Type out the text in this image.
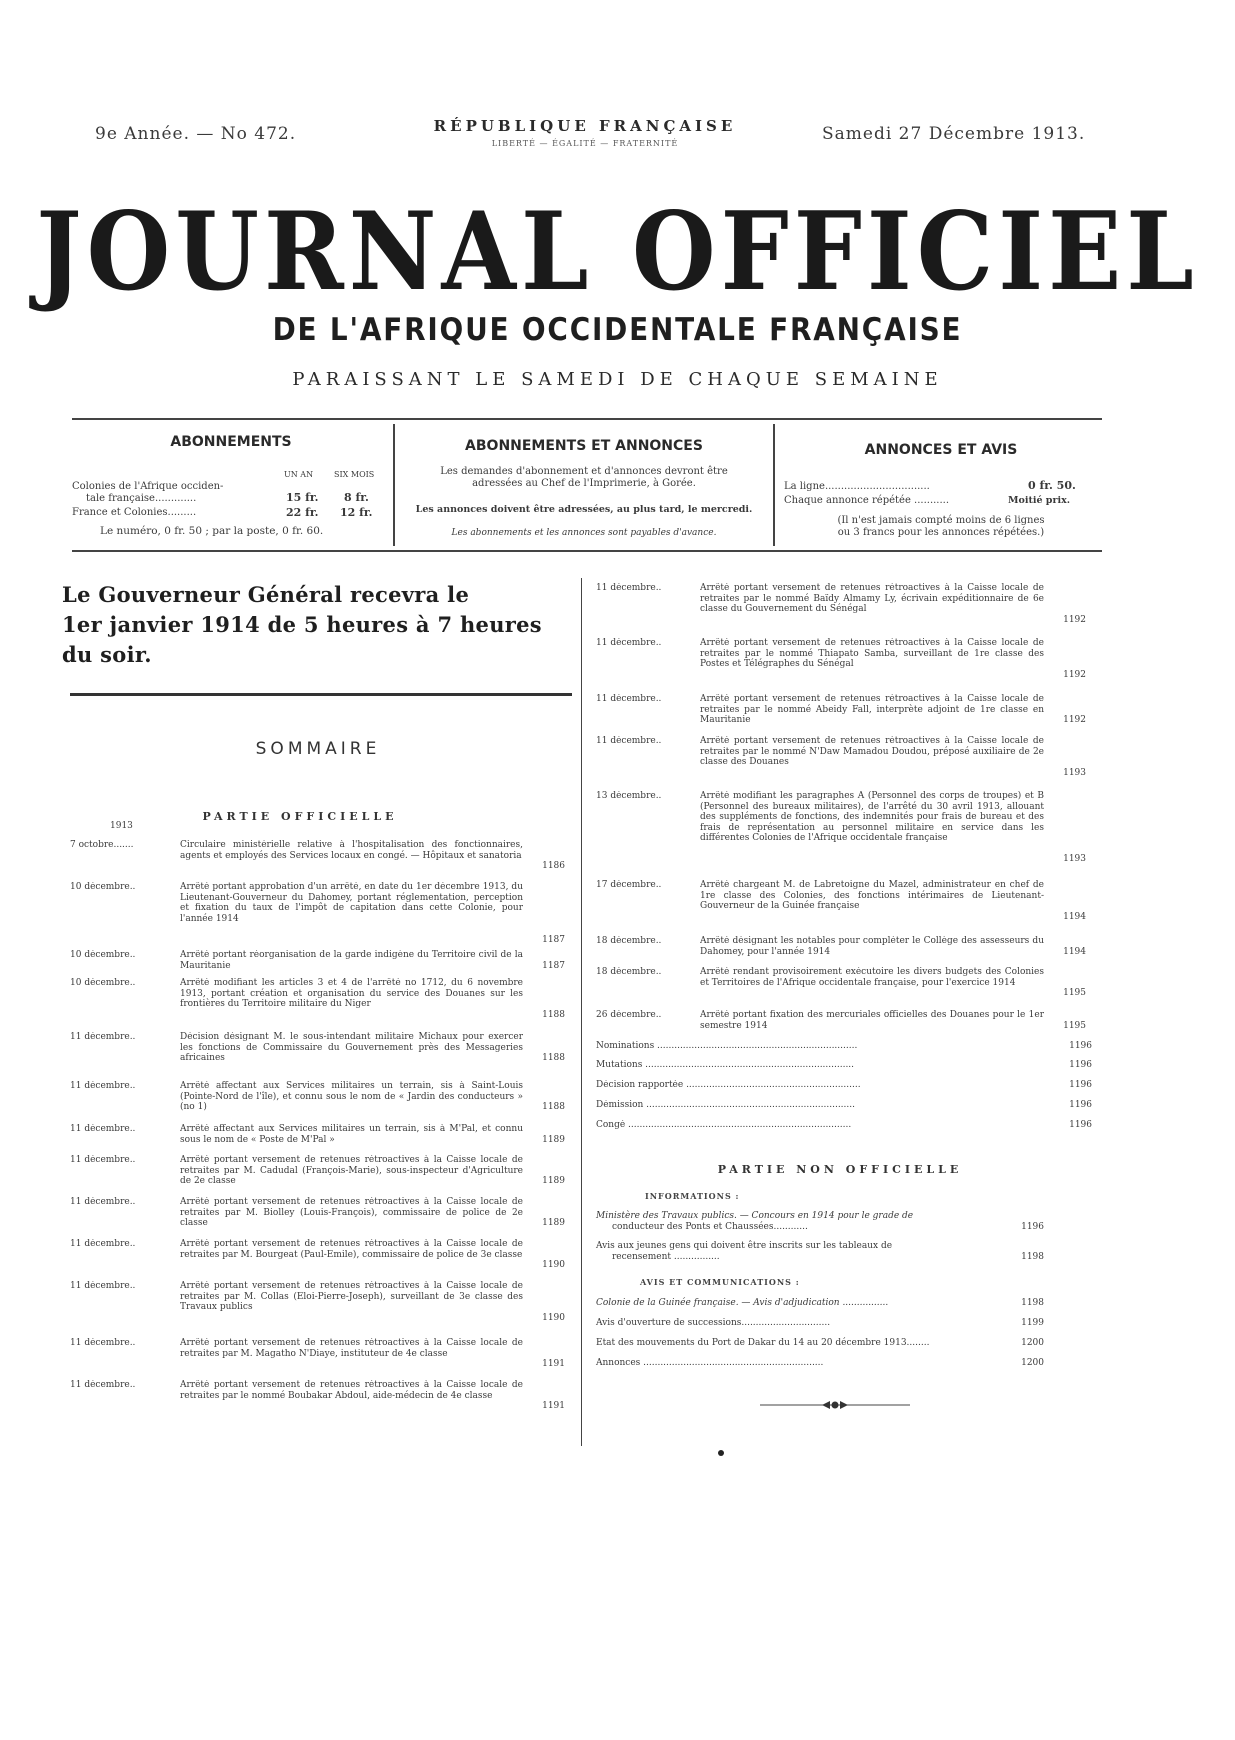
9e Année. — No 472.	RÉPUBLIQUE FRANÇAISE
LIBERTÉ — ÉGALITÉ — FRATERNITÉ	Samedi 27 Décembre 1913.
JOURNAL OFFICIEL
DE L'AFRIQUE OCCIDENTALE FRANÇAISE
PARAISSANT LE SAMEDI DE CHAQUE SEMAINE
ABONNEMENTS
UN AN	SIX MOIS
Colonies de l'Afrique occiden-
tale française.............	15 fr. 8 fr.
France et Colonies.........	22 fr. 12 fr.
Le numéro, 0 fr. 50 ; par la poste, 0 fr. 60.
ABONNEMENTS ET ANNONCES
Les demandes d'abonnement et d'annonces devront être
adressées au Chef de l'Imprimerie, à Gorée.
Les annonces doivent être adressées, au plus tard, le mercredi.
Les abonnements et les annonces sont payables d'avance.
ANNONCES ET AVIS
La ligne.................................	0 fr. 50.
Chaque annonce répétée ...........	Moitié prix.
(Il n'est jamais compté moins de 6 lignes
ou 3 francs pour les annonces répétées.)
Le Gouverneur Général recevra le
1er janvier 1914 de 5 heures à 7 heures
du soir.
SOMMAIRE
PARTIE OFFICIELLE
1913
7 octobre.......	Circulaire ministérielle relative à l'hospitalisation des fonctionnaires, agents et employés des Services locaux en congé. — Hôpitaux et sanatoria
1186
10 décembre..	Arrêté portant approbation d'un arrêté, en date du 1er décembre 1913, du Lieutenant-Gouverneur du Dahomey, portant réglementation, perception et fixation du taux de l'impôt de capitation dans cette Colonie, pour l'année 1914
1187
10 décembre..	Arrêté portant réorganisation de la garde indigène du Territoire civil de la Mauritanie	1187
10 décembre..	Arrêté modifiant les articles 3 et 4 de l'arrêté no 1712, du 6 novembre 1913, portant création et organisation du service des Douanes sur les frontières du Territoire militaire du Niger
1188
11 décembre..	Décision désignant M. le sous-intendant militaire Michaux pour exercer les fonctions de Commissaire du Gouvernement près des Messageries africaines	1188
11 décembre..	Arrêté affectant aux Services militaires un terrain, sis à Saint-Louis (Pointe-Nord de l'île), et connu sous le nom de « Jardin des conducteurs » (no 1)	1188
11 décembre..	Arrêté affectant aux Services militaires un terrain, sis à M'Pal, et connu sous le nom de « Poste de M'Pal »	1189
11 décembre..	Arrêté portant versement de retenues rétroactives à la Caisse locale de retraites par M. Cadudal (François-Marie), sous-inspecteur d'Agriculture de 2e classe	1189
11 décembre..	Arrêté portant versement de retenues rétroactives à la Caisse locale de retraites par M. Biolley (Louis-François), commissaire de police de 2e classe	1189
11 décembre..	Arrêté portant versement de retenues rétroactives à la Caisse locale de retraites par M. Bourgeat (Paul-Emile), commissaire de police de 3e classe
1190
11 décembre..	Arrêté portant versement de retenues rétroactives à la Caisse locale de retraites par M. Collas (Eloi-Pierre-Joseph), surveillant de 3e classe des Travaux publics
1190
11 décembre..	Arrêté portant versement de retenues rétroactives à la Caisse locale de retraites par M. Magatho N'Diaye, instituteur de 4e classe
1191
11 décembre..	Arrêté portant versement de retenues rétroactives à la Caisse locale de retraites par le nommé Boubakar Abdoul, aide-médecin de 4e classe
1191
11 décembre..	Arrêté portant versement de retenues rétroactives à la Caisse locale de retraites par le nommé Baïdy Almamy Ly, écrivain expéditionnaire de 6e classe du Gouvernement du Sénégal
1192
11 décembre..	Arrêté portant versement de retenues rétroactives à la Caisse locale de retraites par le nommé Thiapato Samba, surveillant de 1re classe des Postes et Télégraphes du Sénégal
1192
11 décembre..	Arrêté portant versement de retenues rétroactives à la Caisse locale de retraites par le nommé Abeidy Fall, interprète adjoint de 1re classe en Mauritanie	1192
11 décembre..	Arrêté portant versement de retenues rétroactives à la Caisse locale de retraites par le nommé N'Daw Mamadou Doudou, préposé auxiliaire de 2e classe des Douanes
1193
13 décembre..	Arrêté modifiant les paragraphes A (Personnel des corps de troupes) et B (Personnel des bureaux militaires), de l'arrêté du 30 avril 1913, allouant des suppléments de fonctions, des indemnités pour frais de bureau et des frais de représentation au personnel militaire en service dans les différentes Colonies de l'Afrique occidentale française
1193
17 décembre..	Arrêté chargeant M. de Labretoigne du Mazel, administrateur en chef de 1re classe des Colonies, des fonctions intérimaires de Lieutenant-Gouverneur de la Guinée française
1194
18 décembre..	Arrêté désignant les notables pour compléter le Collège des assesseurs du Dahomey, pour l'année 1914	1194
18 décembre..	Arrêté rendant provisoirement exécutoire les divers budgets des Colonies et Territoires de l'Afrique occidentale française, pour l'exercice 1914
1195
26 décembre..	Arrêté portant fixation des mercuriales officielles des Douanes pour le 1er semestre 1914	1195
Nominations ......................................................................	1196
Mutations .........................................................................	1196
Décision rapportée .............................................................	1196
Démission .........................................................................	1196
Congé ..............................................................................	1196
PARTIE NON OFFICIELLE
INFORMATIONS :
Ministère des Travaux publics. — Concours en 1914 pour le grade de
conducteur des Ponts et Chaussées............	1196
Avis aux jeunes gens qui doivent être inscrits sur les tableaux de
recensement ................	1198
AVIS ET COMMUNICATIONS :
Colonie de la Guinée française. — Avis d'adjudication ................	1198
Avis d'ouverture de successions...............................	1199
Etat des mouvements du Port de Dakar du 14 au 20 décembre 1913........	1200
Annonces ...............................................................	1200
